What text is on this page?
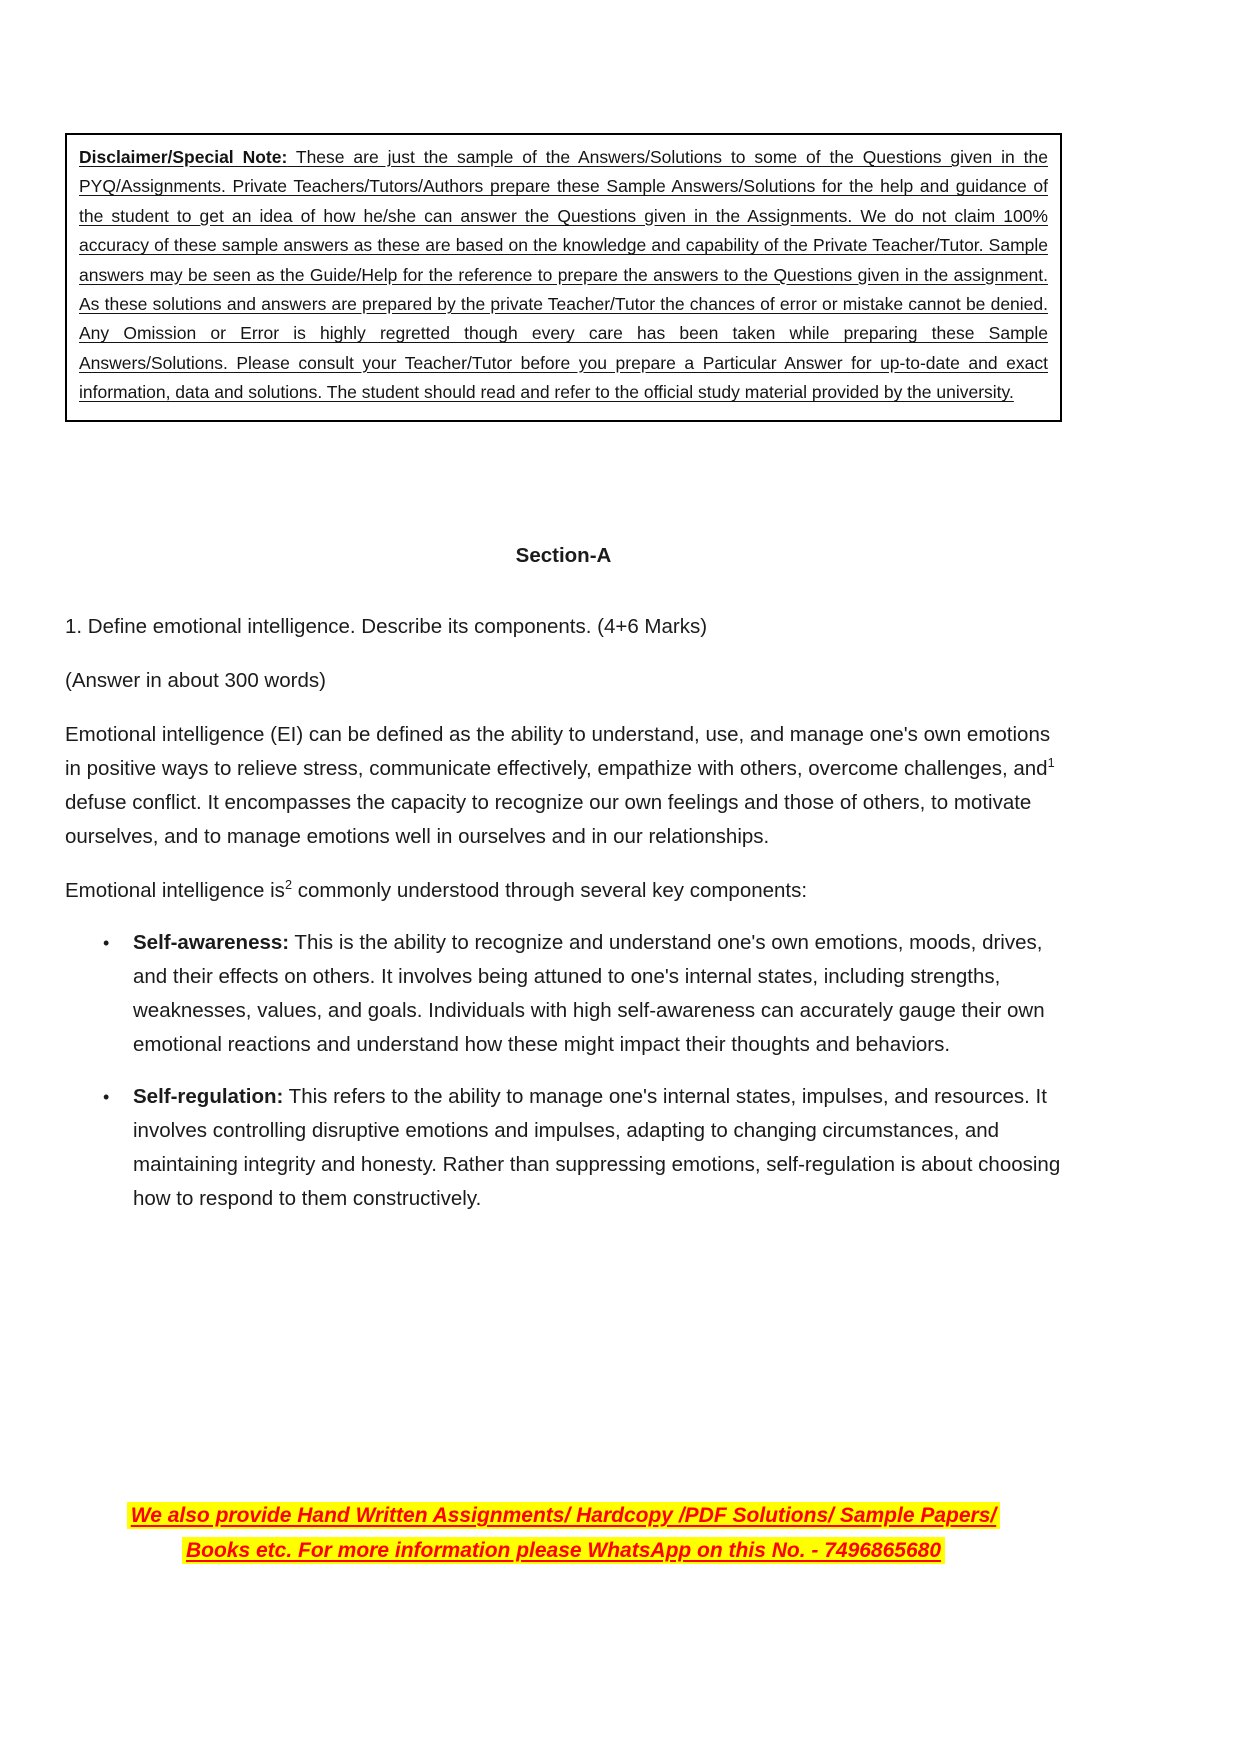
Disclaimer/Special Note: These are just the sample of the Answers/Solutions to some of the Questions given in the PYQ/Assignments. Private Teachers/Tutors/Authors prepare these Sample Answers/Solutions for the help and guidance of the student to get an idea of how he/she can answer the Questions given in the Assignments. We do not claim 100% accuracy of these sample answers as these are based on the knowledge and capability of the Private Teacher/Tutor. Sample answers may be seen as the Guide/Help for the reference to prepare the answers to the Questions given in the assignment. As these solutions and answers are prepared by the private Teacher/Tutor the chances of error or mistake cannot be denied. Any Omission or Error is highly regretted though every care has been taken while preparing these Sample Answers/Solutions. Please consult your Teacher/Tutor before you prepare a Particular Answer for up-to-date and exact information, data and solutions. The student should read and refer to the official study material provided by the university.
Section-A
1. Define emotional intelligence. Describe its components. (4+6 Marks)
(Answer in about 300 words)
Emotional intelligence (EI) can be defined as the ability to understand, use, and manage one's own emotions in positive ways to relieve stress, communicate effectively, empathize with others, overcome challenges, and$^1$ defuse conflict. It encompasses the capacity to recognize our own feelings and those of others, to motivate ourselves, and to manage emotions well in ourselves and in our relationships.
Emotional intelligence is$^2$ commonly understood through several key components:
• Self-awareness: This is the ability to recognize and understand one's own emotions, moods, drives, and their effects on others. It involves being attuned to one's internal states, including strengths, weaknesses, values, and goals. Individuals with high self-awareness can accurately gauge their own emotional reactions and understand how these might impact their thoughts and behaviors.
• Self-regulation: This refers to the ability to manage one's internal states, impulses, and resources. It involves controlling disruptive emotions and impulses, adapting to changing circumstances, and maintaining integrity and honesty. Rather than suppressing emotions, self-regulation is about choosing how to respond to them constructively.
We also provide Hand Written Assignments/ Hardcopy /PDF Solutions/ Sample Papers/
Books etc. For more information please WhatsApp on this No. - 7496865680
